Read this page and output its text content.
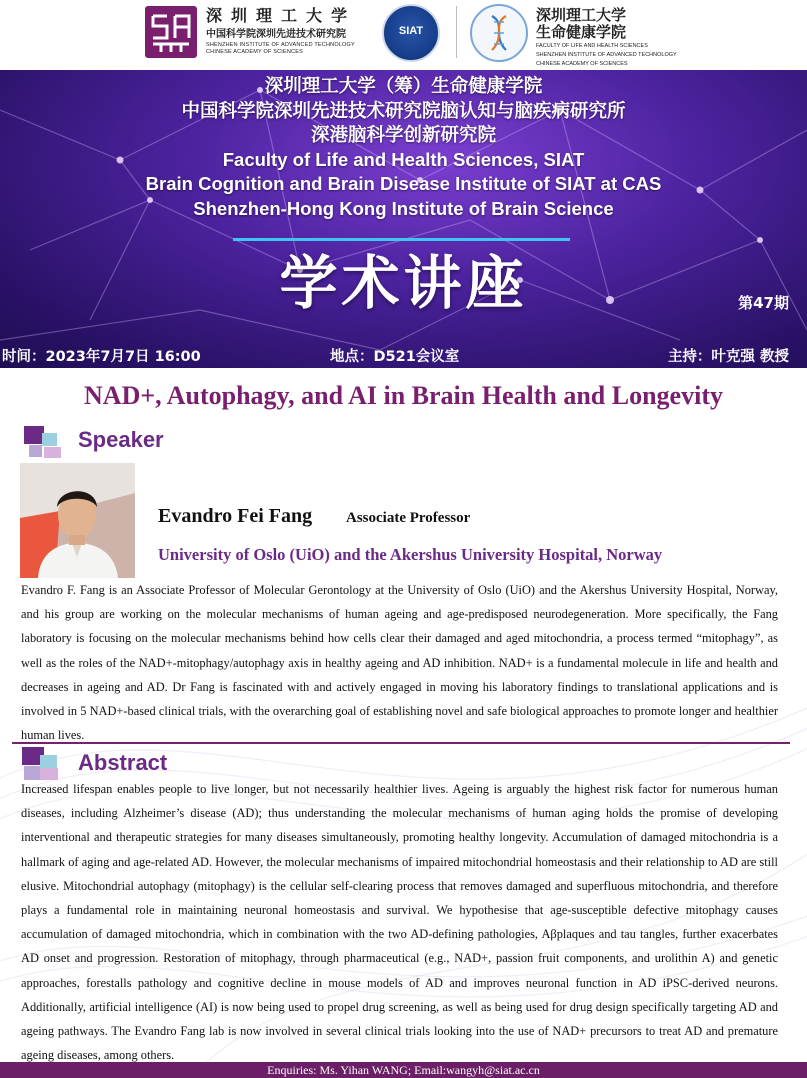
深圳理工大学
中国科学院深圳先进技术研究院
SHENZHEN INSTITUTE OF ADVANCED TECHNOLOGY
CHINESE ACADEMY OF SCIENCES
SIAT
深圳理工大学
生命健康学院
FACULTY OF LIFE AND HEALTH SCIENCES
SHENZHEN INSTITUTE OF ADVANCED TECHNOLOGY
CHINESE ACADEMY OF SCIENCES
深圳理工大学（筹）生命健康学院
中国科学院深圳先进技术研究院脑认知与脑疾病研究所
深港脑科学创新研究院
Faculty of Life and Health Sciences, SIAT
Brain Cognition and Brain Disease Institute of SIAT at CAS
Shenzhen-Hong Kong Institute of Brain Science
学术讲座	第47期
时间：2023年7月7日 16:00	地点：D521会议室	主持：叶克强 教授
NAD+, Autophagy, and AI in Brain Health and Longevity
Speaker
Evandro Fei Fang Associate Professor
University of Oslo (UiO) and the Akershus University Hospital, Norway
Evandro F. Fang is an Associate Professor of Molecular Gerontology at the University of Oslo (UiO) and the Akershus University Hospital, Norway, and his group are working on the molecular mechanisms of human ageing and age-predisposed neurodegeneration. More specifically, the Fang laboratory is focusing on the molecular mechanisms behind how cells clear their damaged and aged mitochondria, a process termed “mitophagy”, as well as the roles of the NAD+-mitophagy/autophagy axis in healthy ageing and AD inhibition. NAD+ is a fundamental molecule in life and health and decreases in ageing and AD. Dr Fang is fascinated with and actively engaged in moving his laboratory findings to translational applications and is involved in 5 NAD+-based clinical trials, with the overarching goal of establishing novel and safe biological approaches to promote longer and healthier human lives.
Abstract
Increased lifespan enables people to live longer, but not necessarily healthier lives. Ageing is arguably the highest risk factor for numerous human diseases, including Alzheimer’s disease (AD); thus understanding the molecular mechanisms of human aging holds the promise of developing interventional and therapeutic strategies for many diseases simultaneously, promoting healthy longevity. Accumulation of damaged mitochondria is a hallmark of aging and age-related AD. However, the molecular mechanisms of impaired mitochondrial homeostasis and their relationship to AD are still elusive. Mitochondrial autophagy (mitophagy) is the cellular self-clearing process that removes damaged and superfluous mitochondria, and therefore plays a fundamental role in maintaining neuronal homeostasis and survival. We hypothesise that age-susceptible defective mitophagy causes accumulation of damaged mitochondria, which in combination with the two AD-defining pathologies, Aβplaques and tau tangles, further exacerbates AD onset and progression. Restoration of mitophagy, through pharmaceutical (e.g., NAD+, passion fruit components, and urolithin A) and genetic approaches, forestalls pathology and cognitive decline in mouse models of AD and improves neuronal function in AD iPSC-derived neurons. Additionally, artificial intelligence (AI) is now being used to propel drug screening, as well as being used for drug design specifically targeting AD and ageing pathways. The Evandro Fang lab is now involved in several clinical trials looking into the use of NAD+ precursors to treat AD and premature ageing diseases, among others.
Enquiries: Ms. Yihan WANG; Email:wangyh@siat.ac.cn
